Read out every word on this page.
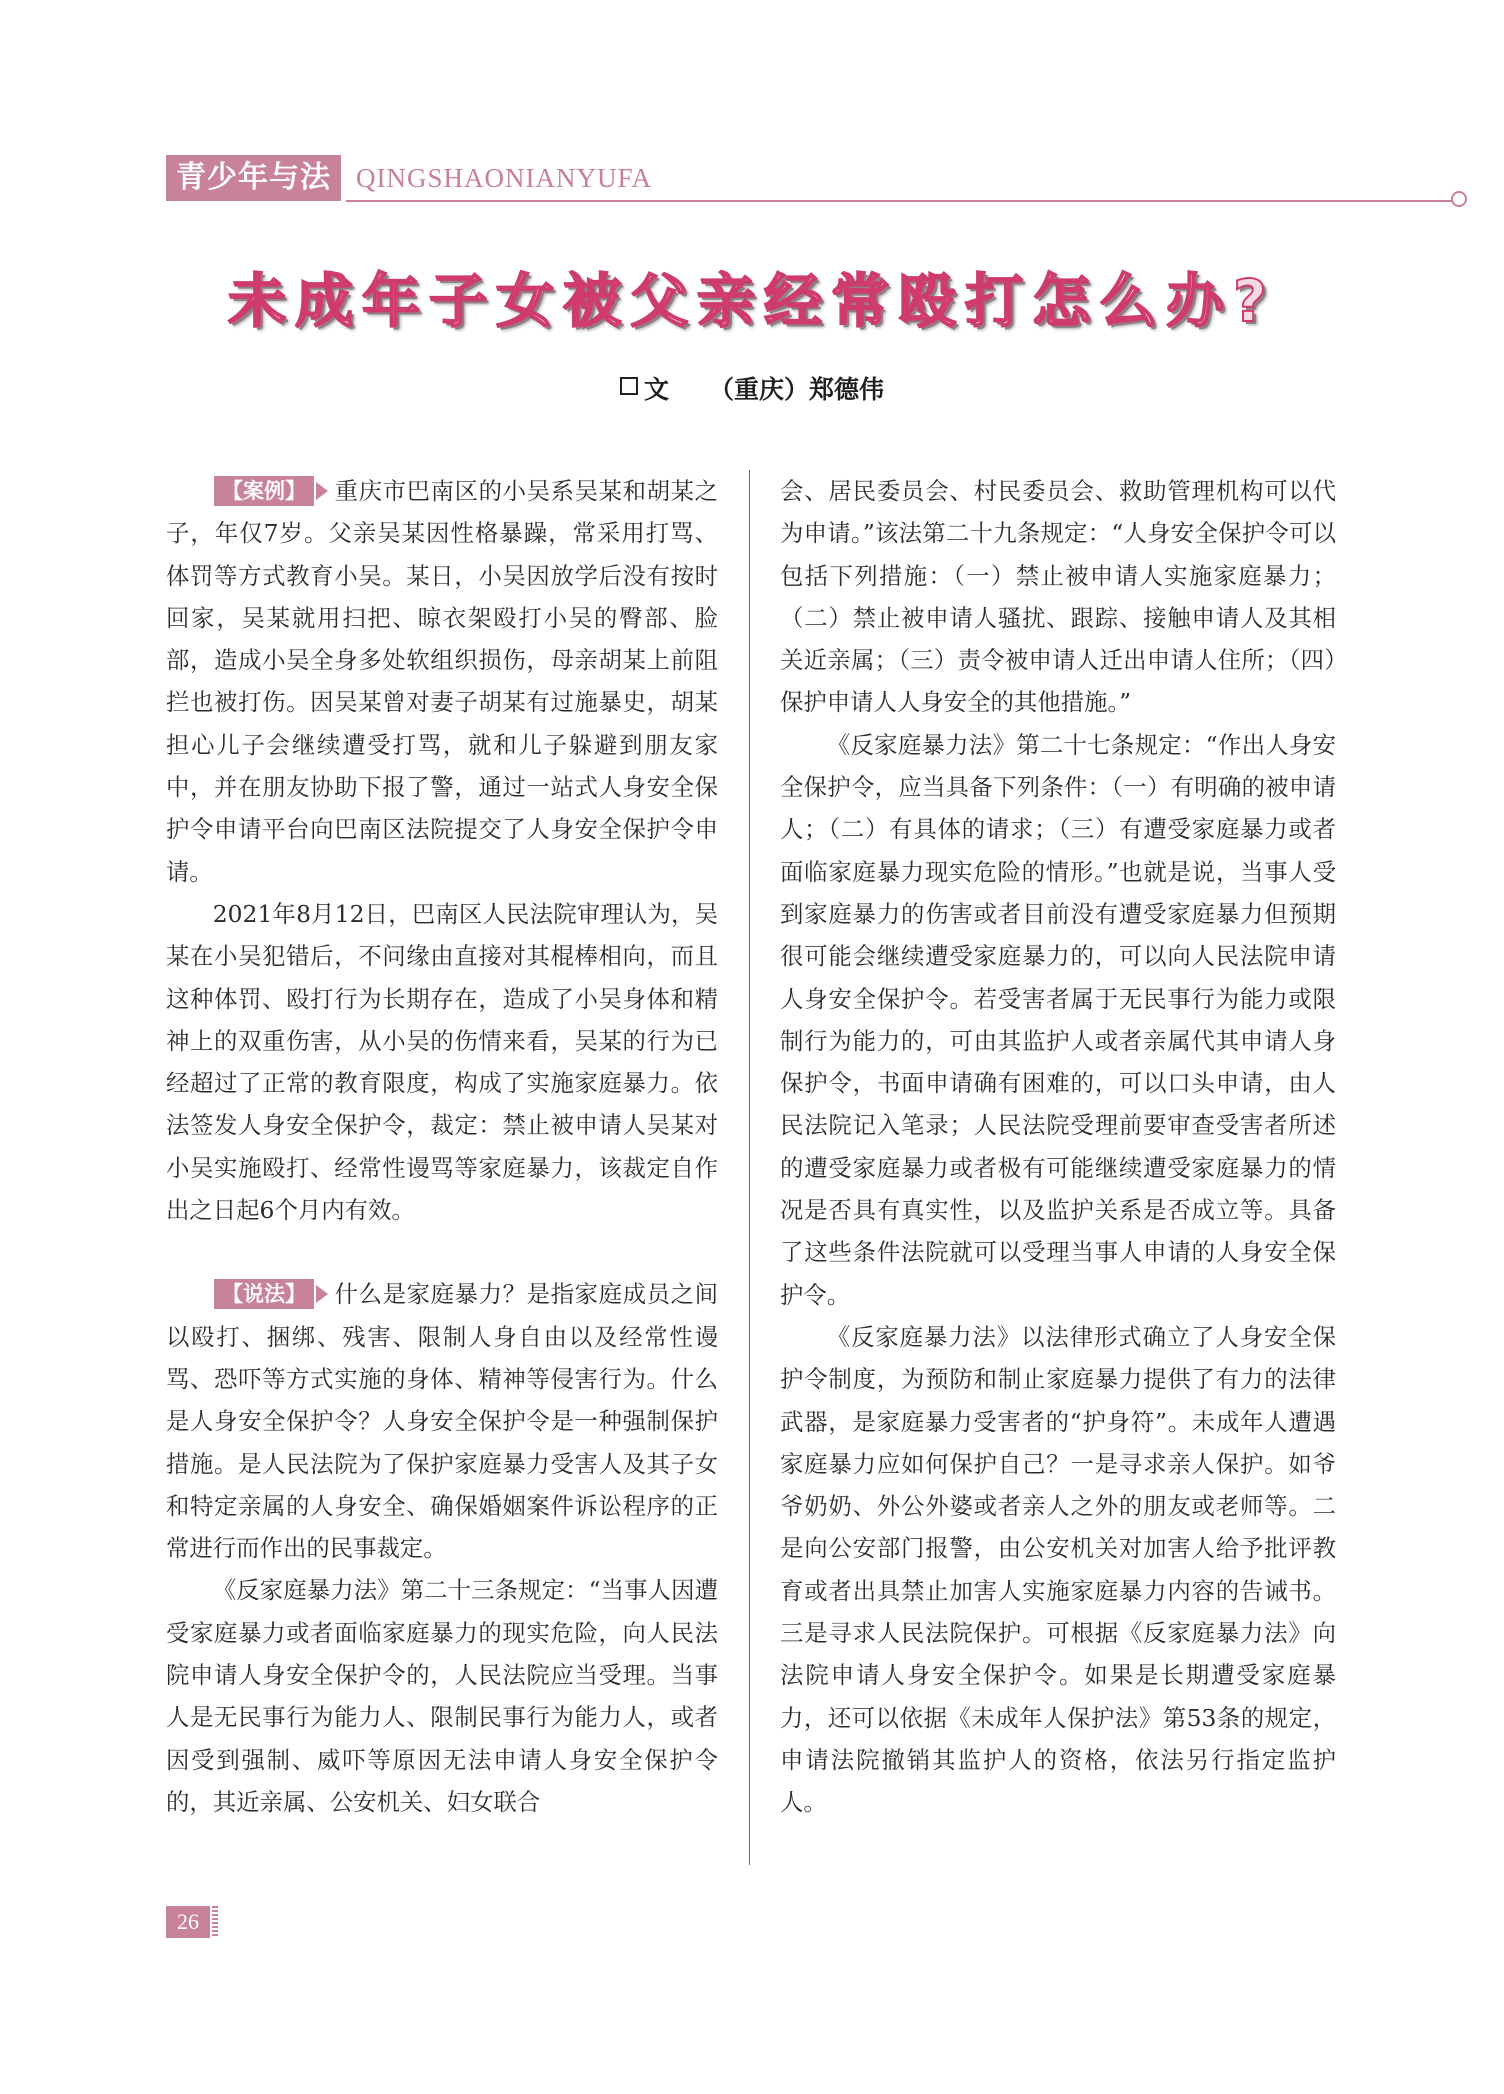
青少年与法 QINGSHAONIANYUFA
未成年子女被父亲经常殴打怎么办?
文 （重庆）郑德伟

【案例】 重庆市巴南区的小吴系吴某和胡某之子，年仅7岁。父亲吴某因性格暴躁，常采用打骂、体罚等方式教育小吴。某日，小吴因放学后没有按时回家，吴某就用扫把、晾衣架殴打小吴的臀部、脸部，造成小吴全身多处软组织损伤，母亲胡某上前阻拦也被打伤。因吴某曾对妻子胡某有过施暴史，胡某担心儿子会继续遭受打骂，就和儿子躲避到朋友家中，并在朋友协助下报了警，通过一站式人身安全保护令申请平台向巴南区法院提交了人身安全保护令申请。

2021年8月12日，巴南区人民法院审理认为，吴某在小吴犯错后，不问缘由直接对其棍棒相向，而且这种体罚、殴打行为长期存在，造成了小吴身体和精神上的双重伤害，从小吴的伤情来看，吴某的行为已经超过了正常的教育限度，构成了实施家庭暴力。依法签发人身安全保护令，裁定：禁止被申请人吴某对小吴实施殴打、经常性谩骂等家庭暴力，该裁定自作出之日起6个月内有效。

【说法】 什么是家庭暴力？是指家庭成员之间以殴打、捆绑、残害、限制人身自由以及经常性谩骂、恐吓等方式实施的身体、精神等侵害行为。什么是人身安全保护令？人身安全保护令是一种强制保护措施。是人民法院为了保护家庭暴力受害人及其子女和特定亲属的人身安全、确保婚姻案件诉讼程序的正常进行而作出的民事裁定。

《反家庭暴力法》第二十三条规定：“当事人因遭受家庭暴力或者面临家庭暴力的现实危险，向人民法院申请人身安全保护令的，人民法院应当受理。当事人是无民事行为能力人、限制民事行为能力人，或者因受到强制、威吓等原因无法申请人身安全保护令的，其近亲属、公安机关、妇女联合

会、居民委员会、村民委员会、救助管理机构可以代为申请。”该法第二十九条规定：“人身安全保护令可以包括下列措施：（一）禁止被申请人实施家庭暴力；（二）禁止被申请人骚扰、跟踪、接触申请人及其相关近亲属；（三）责令被申请人迁出申请人住所；（四）保护申请人人身安全的其他措施。”

《反家庭暴力法》第二十七条规定：“作出人身安全保护令，应当具备下列条件：（一）有明确的被申请人；（二）有具体的请求；（三）有遭受家庭暴力或者面临家庭暴力现实危险的情形。”也就是说，当事人受到家庭暴力的伤害或者目前没有遭受家庭暴力但预期很可能会继续遭受家庭暴力的，可以向人民法院申请人身安全保护令。若受害者属于无民事行为能力或限制行为能力的，可由其监护人或者亲属代其申请人身保护令，书面申请确有困难的，可以口头申请，由人民法院记入笔录；人民法院受理前要审查受害者所述的遭受家庭暴力或者极有可能继续遭受家庭暴力的情况是否具有真实性，以及监护关系是否成立等。具备了这些条件法院就可以受理当事人申请的人身安全保护令。

《反家庭暴力法》以法律形式确立了人身安全保护令制度，为预防和制止家庭暴力提供了有力的法律武器，是家庭暴力受害者的“护身符”。未成年人遭遇家庭暴力应如何保护自己？一是寻求亲人保护。如爷爷奶奶、外公外婆或者亲人之外的朋友或老师等。二是向公安部门报警，由公安机关对加害人给予批评教育或者出具禁止加害人实施家庭暴力内容的告诫书。三是寻求人民法院保护。可根据《反家庭暴力法》向法院申请人身安全保护令。如果是长期遭受家庭暴力，还可以依据《未成年人保护法》第53条的规定，申请法院撤销其监护人的资格，依法另行指定监护人。

26
